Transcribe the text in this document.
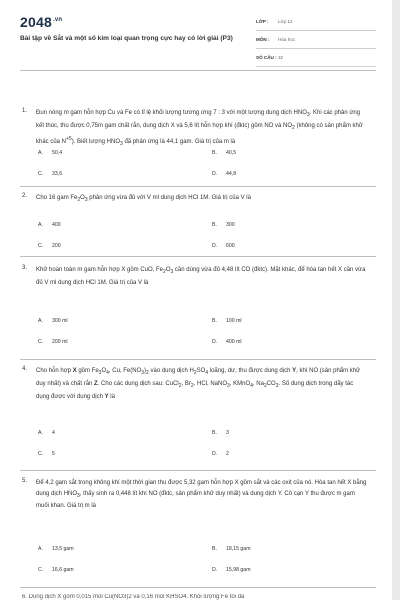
$2048^{.vn}$
Bài tập về Sắt và một số kim loại quan trọng cực hay có lời giải (P3)
LỚP : Lớp 12
MÔN : Hóa học
SỐ CÂU : 32
1. Đun nóng m gam hỗn hợp Cu và Fe có tỉ lệ khối lượng tương ứng 7 : 3 với một lượng dung dịch $HNO_3$. Khi các phản ứng kết thúc, thu được 0,75m gam chất rắn, dung dịch X và 5,6 lít hỗn hợp khí (đktc) gồm NO và $NO_2$ (không có sản phẩm khử khác của $N^{+5}$). Biết lượng $HNO_3$ đã phản ứng là 44,1 gam. Giá trị của m là
A. 50,4	B. 40,5
C. 33,6	D. 44,8
2. Cho 16 gam $Fe_2O_3$ phản ứng vừa đủ với V ml dung dịch HCl 1M. Giá trị của V là
A. 400	B. 300
C. 200	D. 600
3. Khử hoàn toàn m gam hỗn hợp X gồm CuO, $Fe_2O_3$ cần dùng vừa đủ 4,48 lít CO (đktc). Mặt khác, để hòa tan hết X cần vừa đủ V ml dung dịch HCl 1M. Giá trị của V là
A. 300 ml	B. 100 ml
C. 200 ml	D. 400 ml
4. Cho hỗn hợp X gồm $Fe_3O_4$, Cu, $Fe(NO_3)_2$ vào dung dịch $H_2SO_4$ loãng, dư, thu được dung dịch Y, khí NO (sản phẩm khử duy nhất) và chất rắn Z. Cho các dung dịch sau: CuCl$_2$, $Br_2$, HCl, NaNO$_3$, KMnO$_4$, $Na_2CO_3$. Số dung dịch trong dãy tác dụng được với dung dịch Y là
A. 4	B. 3
C. 5	D. 2
5. Để 4,2 gam sắt trong không khí một thời gian thu được 5,32 gam hỗn hợp X gồm sắt và các oxit của nó. Hòa tan hết X bằng dung dịch $HNO_3$, thấy sinh ra 0,448 lít khí NO (đktc, sản phẩm khử duy nhất) và dung dịch Y. Cô cạn Y thu được m gam muối khan. Giá trị m là
A. 13,5 gam	B. 18,15 gam
C. 16,6 gam	D. 15,98 gam
6. Dung dịch X gồm 0,015 mol Cu(NO3)2 và 0,16 mol KHSO4. Khối lượng Fe tối đa
